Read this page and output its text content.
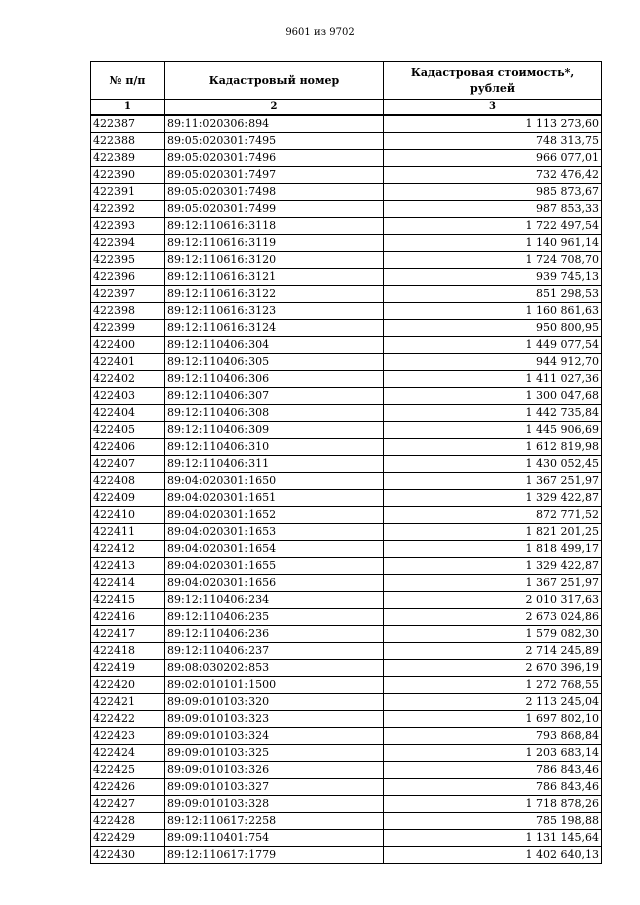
9601 из 9702
№ п/п	Кадастровый номер	Кадастровая стоимость*, рублей
1	2	3
422387	89:11:020306:894	1 113 273,60
422388	89:05:020301:7495	748 313,75
422389	89:05:020301:7496	966 077,01
422390	89:05:020301:7497	732 476,42
422391	89:05:020301:7498	985 873,67
422392	89:05:020301:7499	987 853,33
422393	89:12:110616:3118	1 722 497,54
422394	89:12:110616:3119	1 140 961,14
422395	89:12:110616:3120	1 724 708,70
422396	89:12:110616:3121	939 745,13
422397	89:12:110616:3122	851 298,53
422398	89:12:110616:3123	1 160 861,63
422399	89:12:110616:3124	950 800,95
422400	89:12:110406:304	1 449 077,54
422401	89:12:110406:305	944 912,70
422402	89:12:110406:306	1 411 027,36
422403	89:12:110406:307	1 300 047,68
422404	89:12:110406:308	1 442 735,84
422405	89:12:110406:309	1 445 906,69
422406	89:12:110406:310	1 612 819,98
422407	89:12:110406:311	1 430 052,45
422408	89:04:020301:1650	1 367 251,97
422409	89:04:020301:1651	1 329 422,87
422410	89:04:020301:1652	872 771,52
422411	89:04:020301:1653	1 821 201,25
422412	89:04:020301:1654	1 818 499,17
422413	89:04:020301:1655	1 329 422,87
422414	89:04:020301:1656	1 367 251,97
422415	89:12:110406:234	2 010 317,63
422416	89:12:110406:235	2 673 024,86
422417	89:12:110406:236	1 579 082,30
422418	89:12:110406:237	2 714 245,89
422419	89:08:030202:853	2 670 396,19
422420	89:02:010101:1500	1 272 768,55
422421	89:09:010103:320	2 113 245,04
422422	89:09:010103:323	1 697 802,10
422423	89:09:010103:324	793 868,84
422424	89:09:010103:325	1 203 683,14
422425	89:09:010103:326	786 843,46
422426	89:09:010103:327	786 843,46
422427	89:09:010103:328	1 718 878,26
422428	89:12:110617:2258	785 198,88
422429	89:09:110401:754	1 131 145,64
422430	89:12:110617:1779	1 402 640,13
